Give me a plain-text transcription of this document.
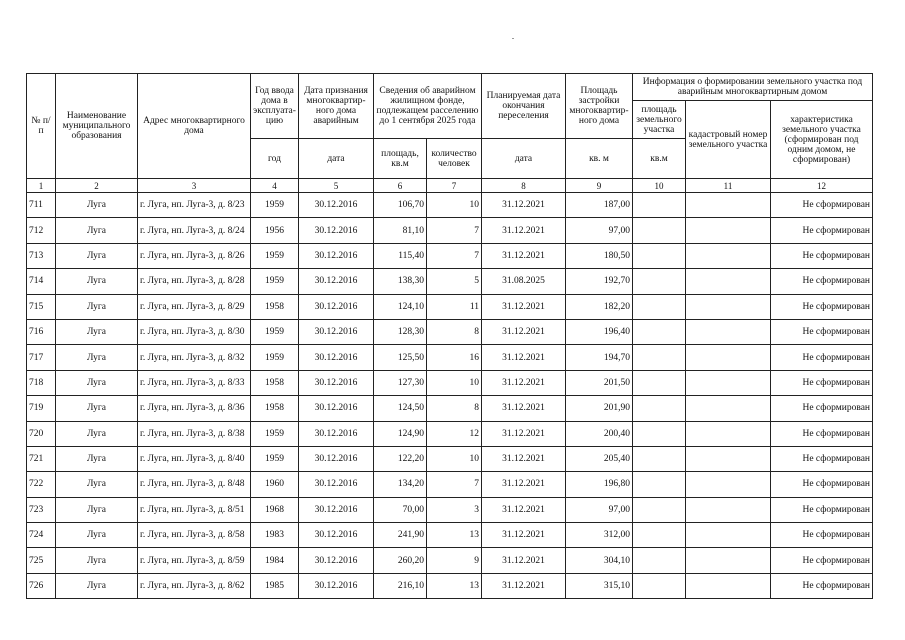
№ п/п	Наименование муниципального образования	Адрес многоквартирного дома	Год ввода дома в эксплуата-цию	Дата признания многоквартир-ного дома аварийным	Сведения об аварийном жилищном фонде, подлежащем расселению до 1 сентября 2025 года		Планируемая дата окончания переселения	Площадь застройки многоквартир-ного дома	Информация о формировании земельного участка под аварийным многоквартирным домом		
									площадь земельного участка	кадастровый номер земельного участка	характеристика земельного участка (сформирован под одним домом, не сформирован)
			год	дата	площадь, кв.м	количество человек	дата	кв. м	кв.м		
1	2	3	4	5	6	7	8	9	10	11	12
711	Луга	г. Луга, нп. Луга-3, д. 8/23	1959	30.12.2016	106,70	10	31.12.2021	187,00			Не сформирован
712	Луга	г. Луга, нп. Луга-3, д. 8/24	1956	30.12.2016	81,10	7	31.12.2021	97,00			Не сформирован
713	Луга	г. Луга, нп. Луга-3, д. 8/26	1959	30.12.2016	115,40	7	31.12.2021	180,50			Не сформирован
714	Луга	г. Луга, нп. Луга-3, д. 8/28	1959	30.12.2016	138,30	5	31.08.2025	192,70			Не сформирован
715	Луга	г. Луга, нп. Луга-3, д. 8/29	1958	30.12.2016	124,10	11	31.12.2021	182,20			Не сформирован
716	Луга	г. Луга, нп. Луга-3, д. 8/30	1959	30.12.2016	128,30	8	31.12.2021	196,40			Не сформирован
717	Луга	г. Луга, нп. Луга-3, д. 8/32	1959	30.12.2016	125,50	16	31.12.2021	194,70			Не сформирован
718	Луга	г. Луга, нп. Луга-3, д. 8/33	1958	30.12.2016	127,30	10	31.12.2021	201,50			Не сформирован
719	Луга	г. Луга, нп. Луга-3, д. 8/36	1958	30.12.2016	124,50	8	31.12.2021	201,90			Не сформирован
720	Луга	г. Луга, нп. Луга-3, д. 8/38	1959	30.12.2016	124,90	12	31.12.2021	200,40			Не сформирован
721	Луга	г. Луга, нп. Луга-3, д. 8/40	1959	30.12.2016	122,20	10	31.12.2021	205,40			Не сформирован
722	Луга	г. Луга, нп. Луга-3, д. 8/48	1960	30.12.2016	134,20	7	31.12.2021	196,80			Не сформирован
723	Луга	г. Луга, нп. Луга-3, д. 8/51	1968	30.12.2016	70,00	3	31.12.2021	97,00			Не сформирован
724	Луга	г. Луга, нп. Луга-3, д. 8/58	1983	30.12.2016	241,90	13	31.12.2021	312,00			Не сформирован
725	Луга	г. Луга, нп. Луга-3, д. 8/59	1984	30.12.2016	260,20	9	31.12.2021	304,10			Не сформирован
726	Луга	г. Луга, нп. Луга-3, д. 8/62	1985	30.12.2016	216,10	13	31.12.2021	315,10			Не сформирован
